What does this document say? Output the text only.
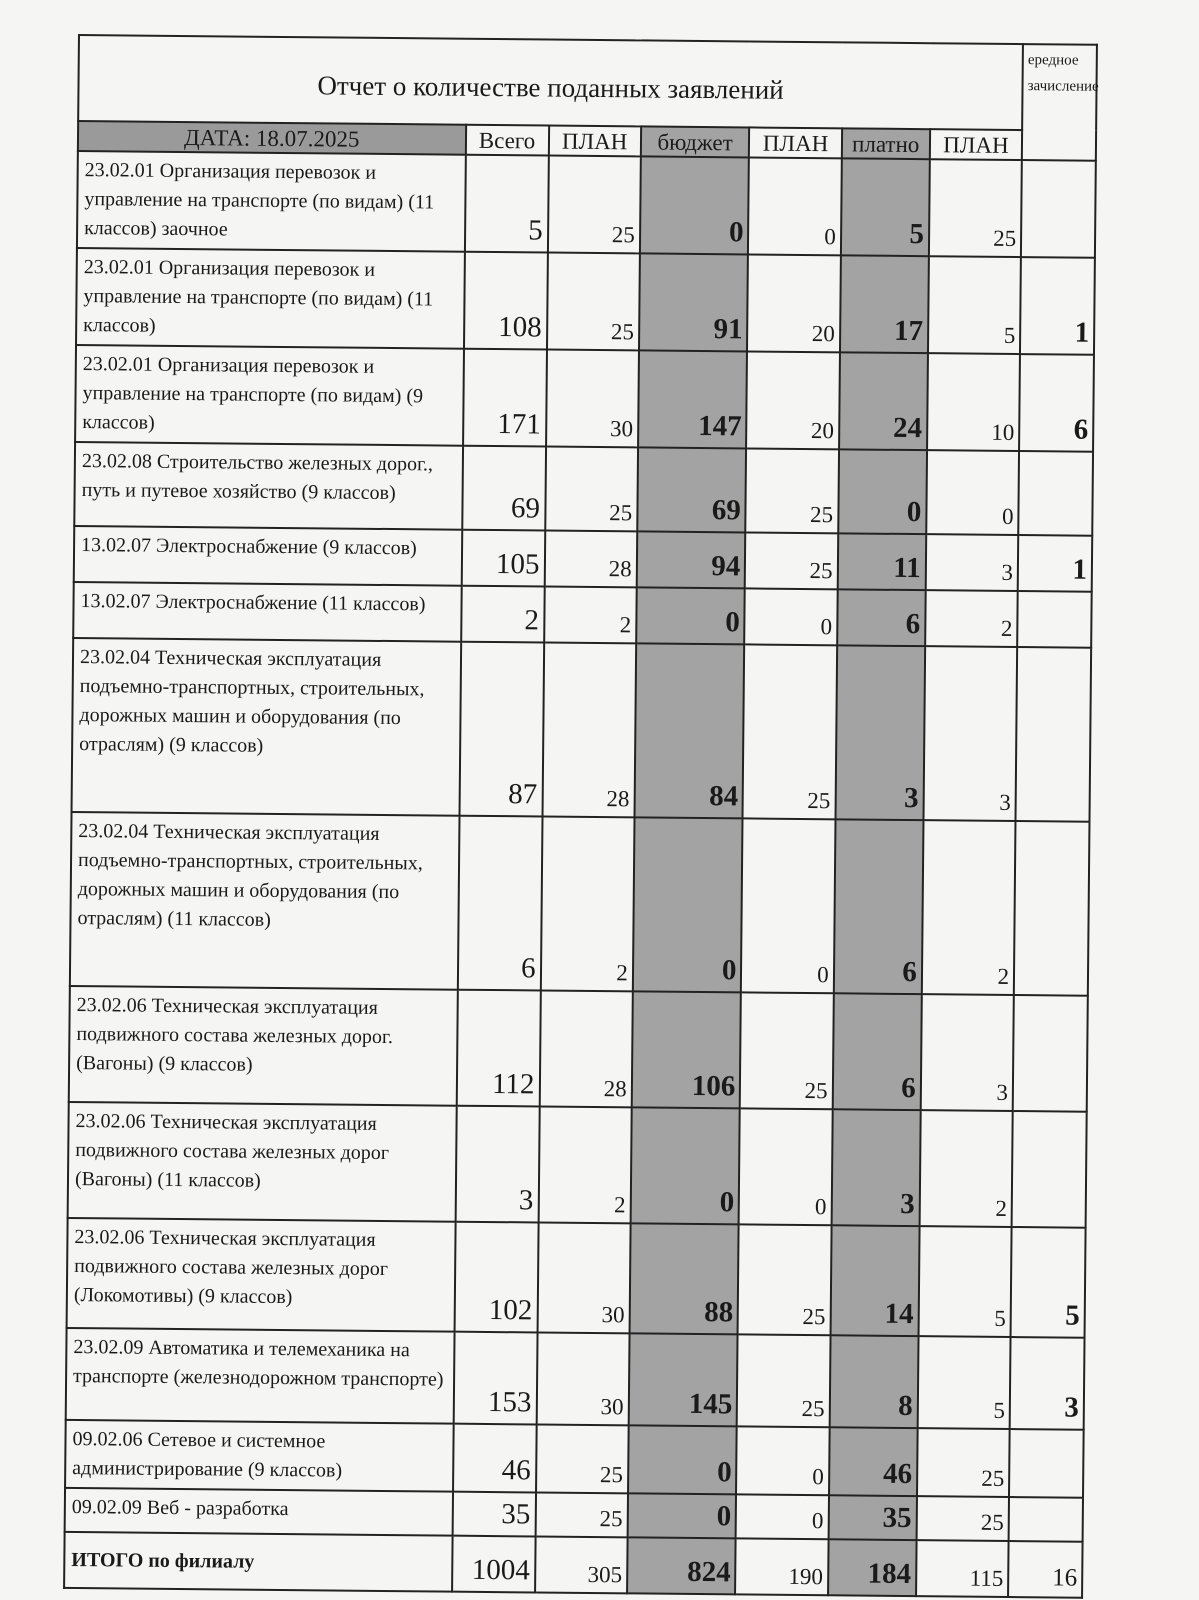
Отчет о количестве поданных заявлений							ередное зачисление
ДАТА: 18.07.2025	Всего	ПЛАН	бюджет	ПЛАН	платно	ПЛАН	
23.02.01 Организация перевозок и управление на транспорте (по видам) (11 классов) заочное	5	25	0	0	5	25	
23.02.01 Организация перевозок и управление на транспорте (по видам) (11 классов)	108	25	91	20	17	5	1
23.02.01 Организация перевозок и управление на транспорте (по видам) (9 классов)	171	30	147	20	24	10	6
23.02.08 Строительство железных дорог., путь и путевое хозяйство (9 классов)	69	25	69	25	0	0	
13.02.07 Электроснабжение (9 классов)	105	28	94	25	11	3	1
13.02.07 Электроснабжение (11 классов)	2	2	0	0	6	2	
23.02.04 Техническая эксплуатация подъемно-транспортных, строительных, дорожных машин и оборудования (по отраслям) (9 классов)	87	28	84	25	3	3	
23.02.04 Техническая эксплуатация подъемно-транспортных, строительных, дорожных машин и оборудования (по отраслям) (11 классов)	6	2	0	0	6	2	
23.02.06 Техническая эксплуатация подвижного состава железных дорог. (Вагоны) (9 классов)	112	28	106	25	6	3	
23.02.06 Техническая эксплуатация подвижного состава железных дорог (Вагоны) (11 классов)	3	2	0	0	3	2	
23.02.06 Техническая эксплуатация подвижного состава железных дорог (Локомотивы) (9 классов)	102	30	88	25	14	5	5
23.02.09 Автоматика и телемеханика на транспорте (железнодорожном транспорте)	153	30	145	25	8	5	3
09.02.06 Сетевое и системное администрирование (9 классов)	46	25	0	0	46	25	
09.02.09 Веб - разработка	35	25	0	0	35	25	
ИТОГО по филиалу	1004	305	824	190	184	115	16
